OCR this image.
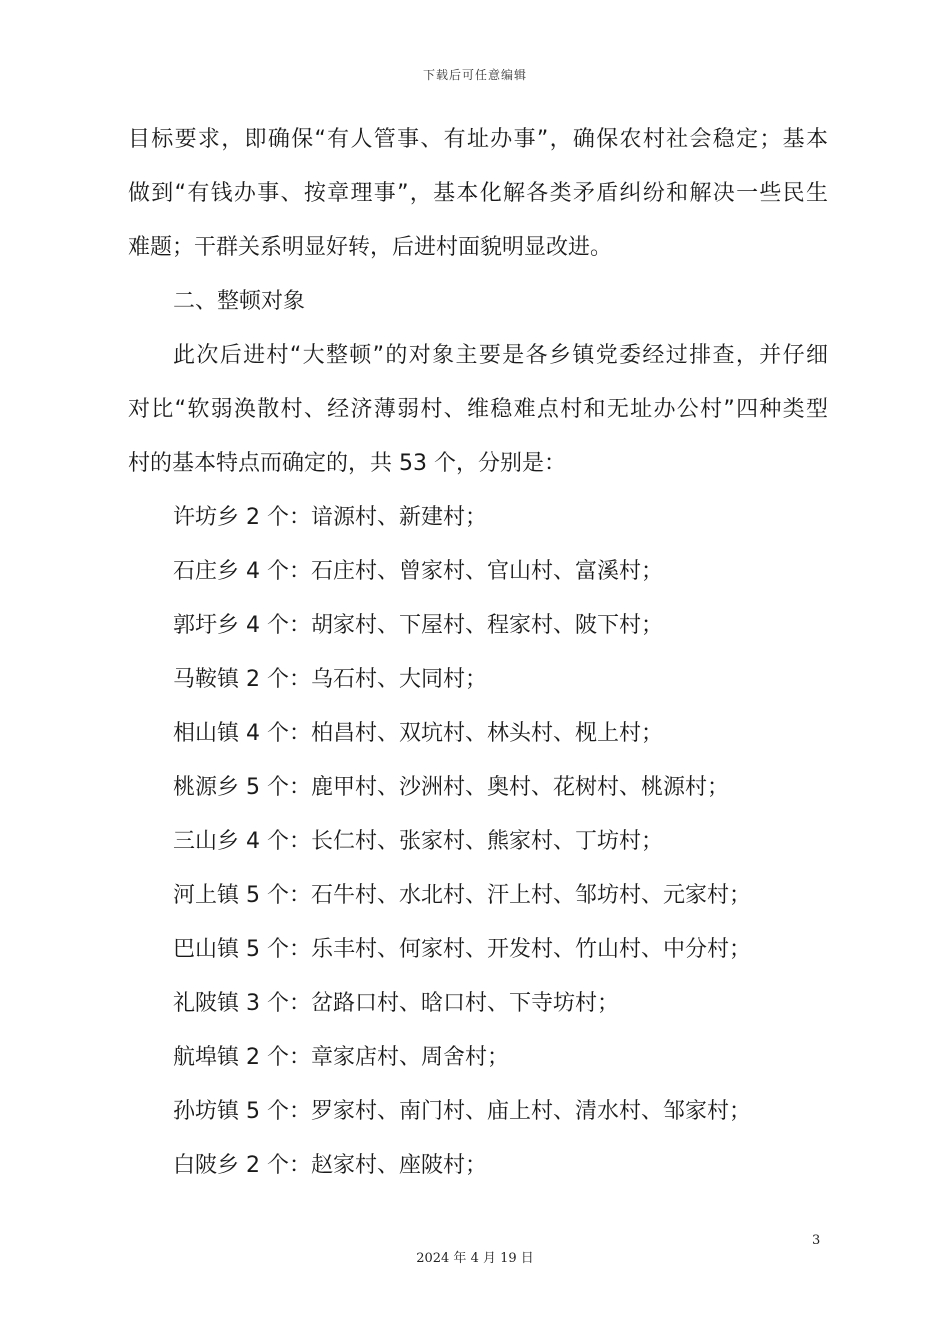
下载后可任意编辑
目标要求，即确保“有人管事、有址办事”，确保农村社会稳定；基本
做到“有钱办事、按章理事”，基本化解各类矛盾纠纷和解决一些民生
难题；干群关系明显好转，后进村面貌明显改进。
二、整顿对象
此次后进村“大整顿”的对象主要是各乡镇党委经过排查，并仔细
对比“软弱涣散村、经济薄弱村、维稳难点村和无址办公村”四种类型
村的基本特点而确定的，共 53 个，分别是：
许坊乡 2 个：谙源村、新建村；
石庄乡 4 个：石庄村、曾家村、官山村、富溪村；
郭圩乡 4 个：胡家村、下屋村、程家村、陂下村；
马鞍镇 2 个：乌石村、大同村；
相山镇 4 个：柏昌村、双坑村、林头村、枧上村；
桃源乡 5 个：鹿甲村、沙洲村、奥村、花树村、桃源村；
三山乡 4 个：长仁村、张家村、熊家村、丁坊村；
河上镇 5 个：石牛村、水北村、汗上村、邹坊村、元家村；
巴山镇 5 个：乐丰村、何家村、开发村、竹山村、中分村；
礼陂镇 3 个：岔路口村、晗口村、下寺坊村；
航埠镇 2 个：章家店村、周舍村；
孙坊镇 5 个：罗家村、南门村、庙上村、清水村、邹家村；
白陂乡 2 个：赵家村、座陂村；
3
2024 年 4 月 19 日
